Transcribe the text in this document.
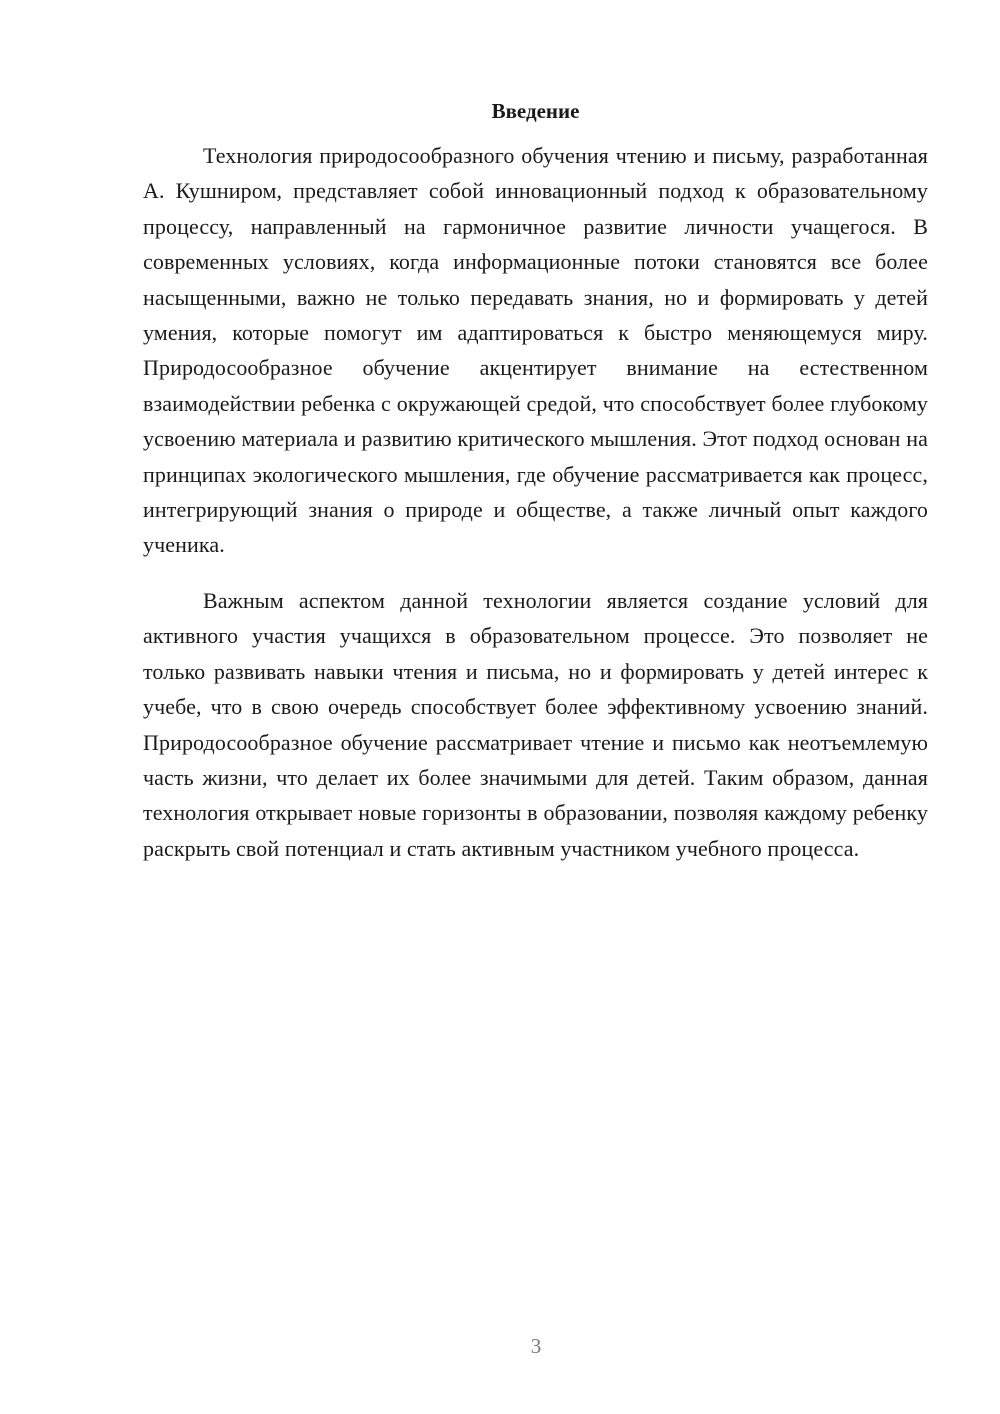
Введение

Технология природосообразного обучения чтению и письму, разработанная А. Кушниром, представляет собой инновационный подход к образовательному процессу, направленный на гармоничное развитие личности учащегося. В современных условиях, когда информационные потоки становятся все более насыщенными, важно не только передавать знания, но и формировать у детей умения, которые помогут им адаптироваться к быстро меняющемуся миру. Природосообразное обучение акцентирует внимание на естественном взаимодействии ребенка с окружающей средой, что способствует более глубокому усвоению материала и развитию критического мышления. Этот подход основан на принципах экологического мышления, где обучение рассматривается как процесс, интегрирующий знания о природе и обществе, а также личный опыт каждого ученика.

Важным аспектом данной технологии является создание условий для активного участия учащихся в образовательном процессе. Это позволяет не только развивать навыки чтения и письма, но и формировать у детей интерес к учебе, что в свою очередь способствует более эффективному усвоению знаний. Природосообразное обучение рассматривает чтение и письмо как неотъемлемую часть жизни, что делает их более значимыми для детей. Таким образом, данная технология открывает новые горизонты в образовании, позволяя каждому ребенку раскрыть свой потенциал и стать активным участником учебного процесса.

3
